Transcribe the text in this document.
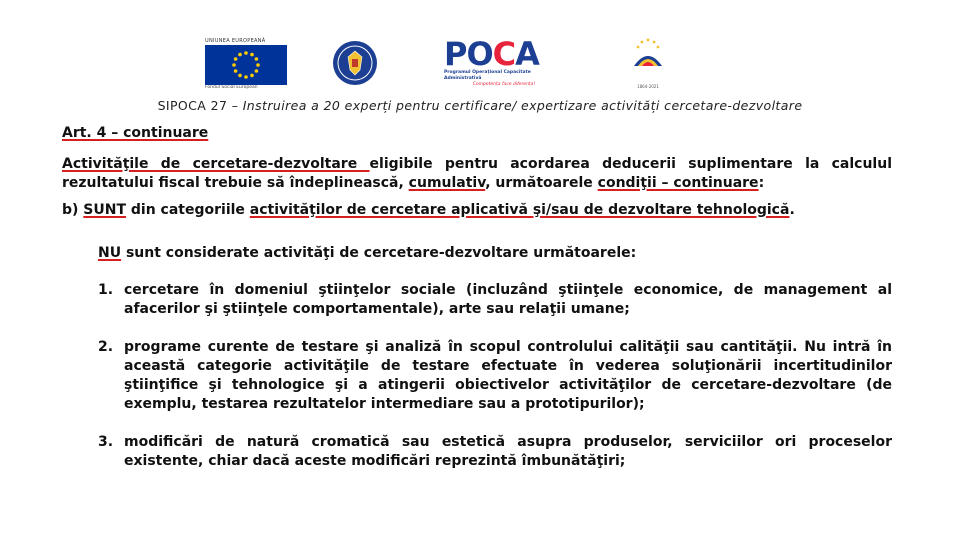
UNIUNEA EUROPEANĂ
Fondul Social European
POCA
Programul Operațional Capacitate Administrativă
Competența face diferența!	1864-2021
SIPOCA 27 – Instruirea a 20 experți pentru certificare/ expertizare activități cercetare-dezvoltare
Art. 4 – continuare
Activităţile de cercetare-dezvoltare eligibile pentru acordarea deducerii suplimentare la calculul rezultatului fiscal trebuie să îndeplinească, cumulativ, următoarele condiţii – continuare:
b) SUNT din categoriile activităţilor de cercetare aplicativă şi/sau de dezvoltare tehnologică.
NU sunt considerate activităţi de cercetare-dezvoltare următoarele:
1. cercetare în domeniul ştiinţelor sociale (incluzând ştiinţele economice, de management al afacerilor şi ştiinţele comportamentale), arte sau relaţii umane;
2. programe curente de testare şi analiză în scopul controlului calităţii sau cantităţii. Nu intră în această categorie activităţile de testare efectuate în vederea soluţionării incertitudinilor ştiinţifice şi tehnologice şi a atingerii obiectivelor activităţilor de cercetare-dezvoltare (de exemplu, testarea rezultatelor intermediare sau a prototipurilor);
3. modificări de natură cromatică sau estetică asupra produselor, serviciilor ori proceselor existente, chiar dacă aceste modificări reprezintă îmbunătăţiri;
